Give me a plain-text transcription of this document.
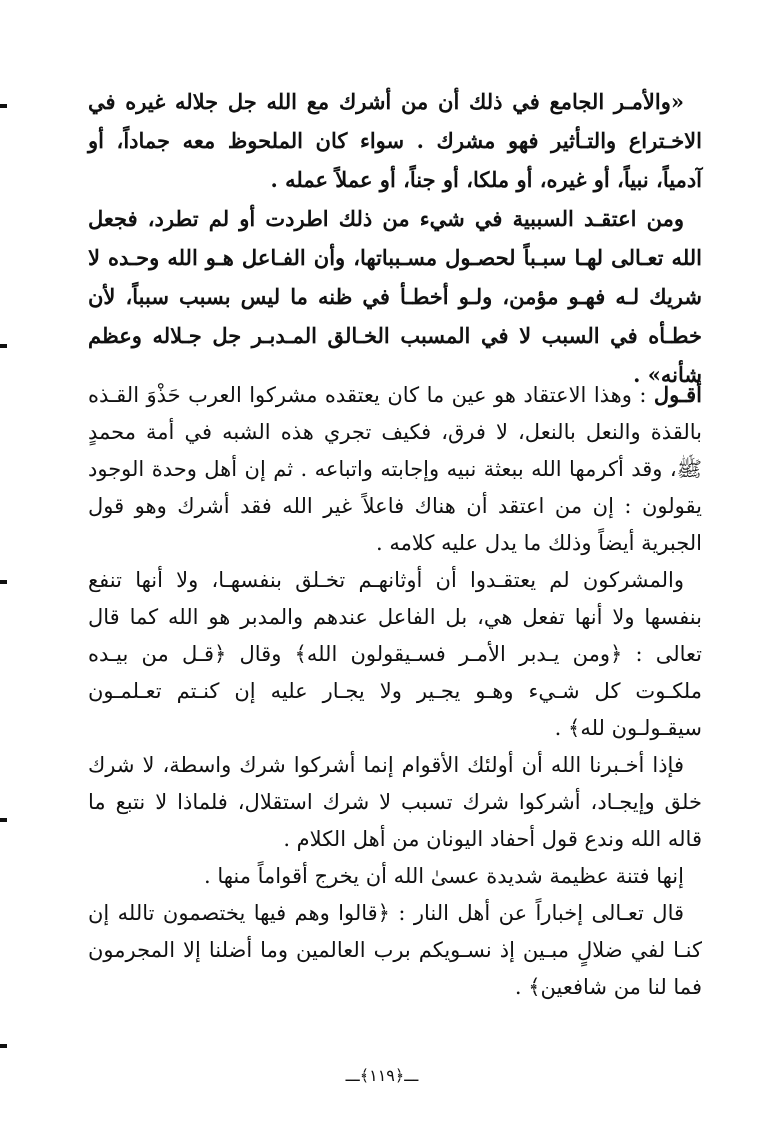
«والأمـر الجامع في ذلك أن من أشرك مع الله جل جلاله غيره في الاخـتراع والتـأثير فهو مشرك . سواء كان الملحوظ معه جماداً، أو آدمياً، نبياً، أو غيره، أو ملكا، أو جناً، أو عملاً عمله .

ومن اعتقـد السببية في شيء من ذلك اطردت أو لم تطرد، فجعل الله تعـالى لهـا سبـباً لحصـول مسـبباتها، وأن الفـاعل هـو الله وحـده لا شريك لـه فهـو مؤمن، ولـو أخطـأ في ظنه ما ليس بسبب سبباً، لأن خطـأه في السبب لا في المسبب الخـالق المـدبـر جل جـلاله وعظم شأنه» .

أقـول : وهذا الاعتقاد هو عين ما كان يعتقده مشركوا العرب حَذْوَ القـذه بالقذة والنعل بالنعل، لا فرق، فكيف تجري هذه الشبه في أمة محمدٍ ﷺ، وقد أكرمها الله ببعثة نبيه وإجابته واتباعه . ثم إن أهل وحدة الوجود يقولون : إن من اعتقد أن هناك فاعلاً غير الله فقد أشرك وهو قول الجبرية أيضاً وذلك ما يدل عليه كلامه .

والمشركون لم يعتقـدوا أن أوثانهـم تخـلق بنفسهـا، ولا أنها تنفع بنفسها ولا أنها تفعل هي، بل الفاعل عندهم والمدبر هو الله كما قال تعالى : ﴿ومن يـدبر الأمـر فسـيقولون الله﴾ وقال ﴿قـل من بيـده ملكـوت كل شـيء وهـو يجـير ولا يجـار عليه إن كنـتم تعـلمـون سيقـولـون لله﴾ .

فإذا أخـبرنا الله أن أولئك الأقوام إنما أشركوا شرك واسطة، لا شرك خلق وإيجـاد، أشركوا شرك تسبب لا شرك استقلال، فلماذا لا نتبع ما قاله الله وندع قول أحفاد اليونان من أهل الكلام .

إنها فتنة عظيمة شديدة عسىٰ الله أن يخرج أقواماً منها .

قال تعـالى إخباراً عن أهل النار : ﴿قالوا وهم فيها يختصمون تالله إن كنـا لفي ضلالٍ مبـين إذ نسـويكم برب العالمين وما أضلنا إلا المجرمون فما لنا من شافعين﴾ .

ـــ﴿١١٩﴾ـــ
